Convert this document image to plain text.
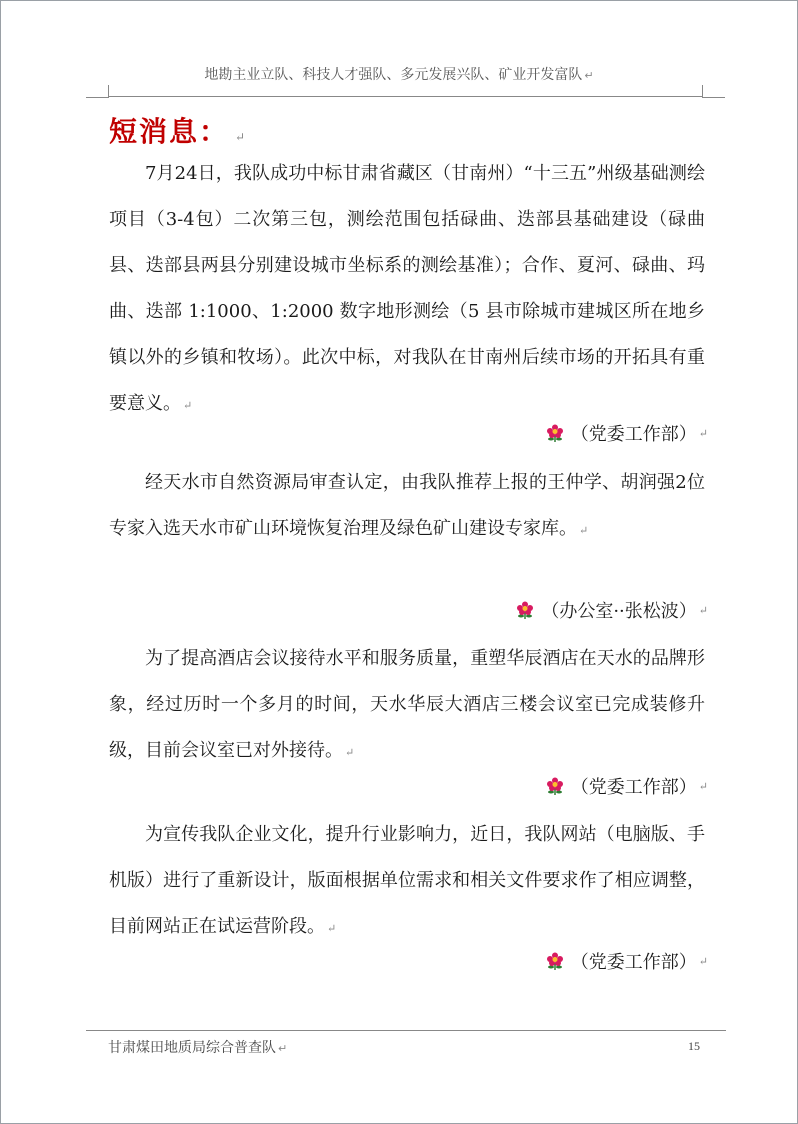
地勘主业立队、科技人才强队、多元发展兴队、矿业开发富队 ↵
短消息： ↵
7月24日，我队成功中标甘肃省藏区（甘南州）“十三五”州级基础测绘项目（3-4包）二次第三包，测绘范围包括碌曲、迭部县基础建设（碌曲县、迭部县两县分别建设城市坐标系的测绘基准）；合作、夏河、碌曲、玛曲、迭部 1:1000、1:2000 数字地形测绘（5 县市除城市建城区所在地乡镇以外的乡镇和牧场）。此次中标，对我队在甘南州后续市场的开拓具有重要意义。 ↵
（党委工作部） ↵
经天水市自然资源局审查认定，由我队推荐上报的王仲学、胡润强2位专家入选天水市矿山环境恢复治理及绿色矿山建设专家库。 ↵
（办公室··张松波） ↵
为了提高酒店会议接待水平和服务质量，重塑华辰酒店在天水的品牌形象，经过历时一个多月的时间，天水华辰大酒店三楼会议室已完成装修升级，目前会议室已对外接待。 ↵
（党委工作部） ↵
为宣传我队企业文化，提升行业影响力，近日，我队网站（电脑版、手机版）进行了重新设计，版面根据单位需求和相关文件要求作了相应调整，目前网站正在试运营阶段。 ↵
（党委工作部） ↵
甘肃煤田地质局综合普查队 ↵	15
